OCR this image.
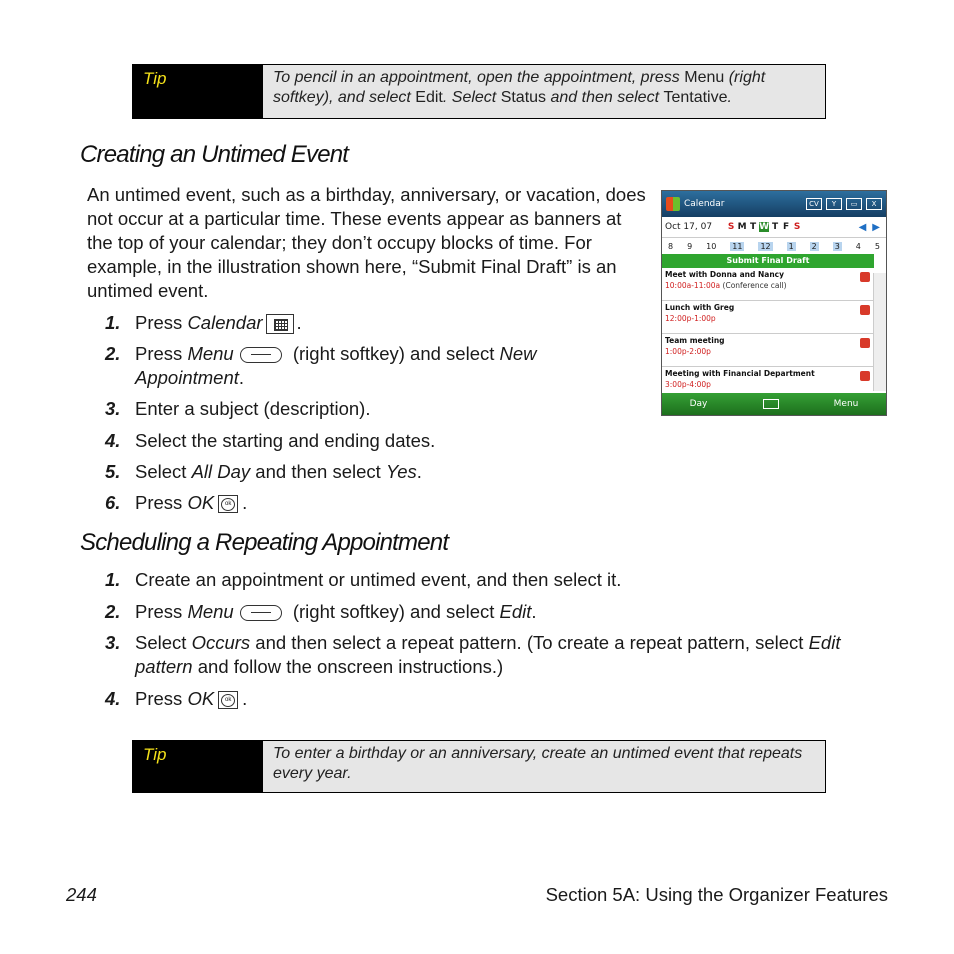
Tip	To pencil in an appointment, open the appointment, press Menu (right softkey), and select Edit. Select Status and then select Tentative.
Creating an Untimed Event

An untimed event, such as a birthday, anniversary, or vacation, does not occur at a particular time. These events appear as banners at the top of your calendar; they don’t occupy blocks of time. For example, in the illustration shown here, “Submit Final Draft” is an untimed event.

1. Press Calendar .
2. Press Menu	(right softkey) and select New
Appointment.
3. Enter a subject (description).
4. Select the starting and ending dates.
5. Select All Day and then select Yes.
6. Press OK ok .
Calendar	CV	Y	▭	X
Oct 17, 07 S M T W T F S	◀ ▶
8 9 10 11 12 1 2 3 4 5
Submit Final Draft
Meet with Donna and Nancy
10:00a-11:00a (Conference call)
Lunch with Greg
12:00p-1:00p
Team meeting
1:00p-2:00p
Meeting with Financial Department
3:00p-4:00p
Day	Menu
Scheduling a Repeating Appointment
1. Create an appointment or untimed event, and then select it.
2. Press Menu	(right softkey) and select Edit.
3. Select Occurs and then select a repeat pattern. (To create a repeat pattern, select Edit
pattern and follow the onscreen instructions.)
4. Press OK ok .
Tip	To enter a birthday or an anniversary, create an untimed event that repeats every year.
244	Section 5A: Using the Organizer Features
